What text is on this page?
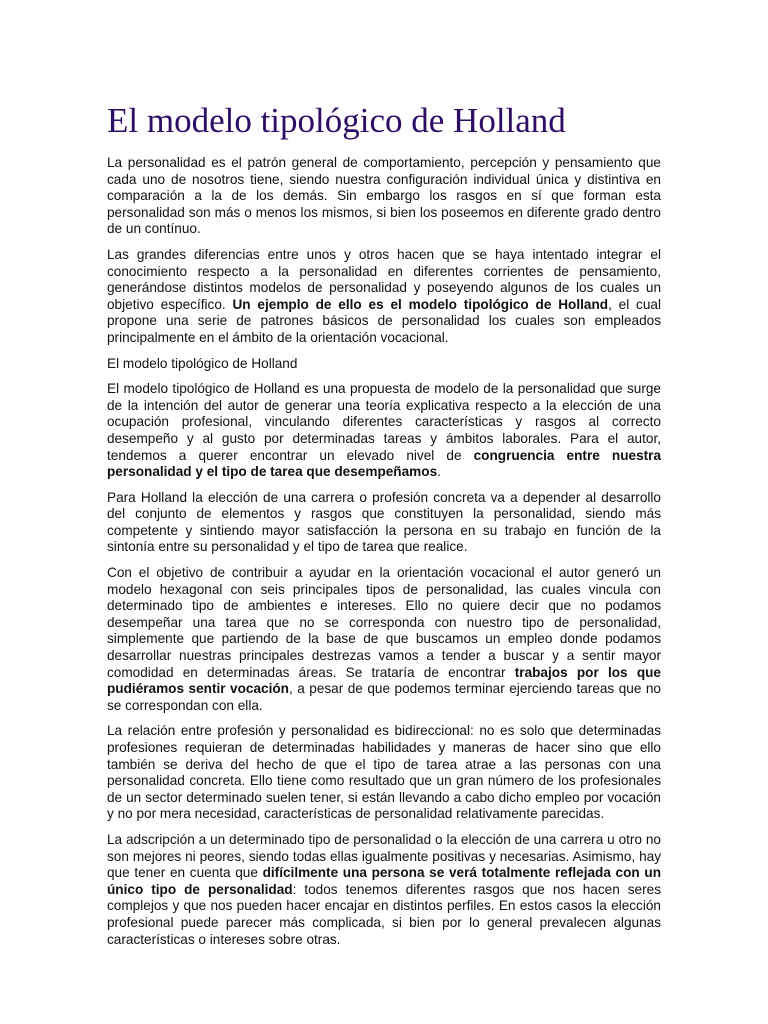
El modelo tipológico de Holland

La personalidad es el patrón general de comportamiento, percepción y pensamiento que cada uno de nosotros tiene, siendo nuestra configuración individual única y distintiva en comparación a la de los demás. Sin embargo los rasgos en sí que forman esta personalidad son más o menos los mismos, si bien los poseemos en diferente grado dentro de un contínuo.

Las grandes diferencias entre unos y otros hacen que se haya intentado integrar el conocimiento respecto a la personalidad en diferentes corrientes de pensamiento, generándose distintos modelos de personalidad y poseyendo algunos de los cuales un objetivo específico. Un ejemplo de ello es el modelo tipológico de Holland, el cual propone una serie de patrones básicos de personalidad los cuales son empleados principalmente en el ámbito de la orientación vocacional.

El modelo tipológico de Holland

El modelo tipológico de Holland es una propuesta de modelo de la personalidad que surge de la intención del autor de generar una teoría explicativa respecto a la elección de una ocupación profesional, vinculando diferentes características y rasgos al correcto desempeño y al gusto por determinadas tareas y ámbitos laborales. Para el autor, tendemos a querer encontrar un elevado nivel de congruencia entre nuestra personalidad y el tipo de tarea que desempeñamos.

Para Holland la elección de una carrera o profesión concreta va a depender al desarrollo del conjunto de elementos y rasgos que constituyen la personalidad, siendo más competente y sintiendo mayor satisfacción la persona en su trabajo en función de la sintonía entre su personalidad y el tipo de tarea que realice.

Con el objetivo de contribuir a ayudar en la orientación vocacional el autor generó un modelo hexagonal con seis principales tipos de personalidad, las cuales vincula con determinado tipo de ambientes e intereses. Ello no quiere decir que no podamos desempeñar una tarea que no se corresponda con nuestro tipo de personalidad, simplemente que partiendo de la base de que buscamos un empleo donde podamos desarrollar nuestras principales destrezas vamos a tender a buscar y a sentir mayor comodidad en determinadas áreas. Se trataría de encontrar trabajos por los que pudiéramos sentir vocación, a pesar de que podemos terminar ejerciendo tareas que no se correspondan con ella.

La relación entre profesión y personalidad es bidireccional: no es solo que determinadas profesiones requieran de determinadas habilidades y maneras de hacer sino que ello también se deriva del hecho de que el tipo de tarea atrae a las personas con una personalidad concreta. Ello tiene como resultado que un gran número de los profesionales de un sector determinado suelen tener, si están llevando a cabo dicho empleo por vocación y no por mera necesidad, características de personalidad relativamente parecidas.

La adscripción a un determinado tipo de personalidad o la elección de una carrera u otro no son mejores ni peores, siendo todas ellas igualmente positivas y necesarias. Asimismo, hay que tener en cuenta que difícilmente una persona se verá totalmente reflejada con un único tipo de personalidad: todos tenemos diferentes rasgos que nos hacen seres complejos y que nos pueden hacer encajar en distintos perfiles. En estos casos la elección profesional puede parecer más complicada, si bien por lo general prevalecen algunas características o intereses sobre otras.
